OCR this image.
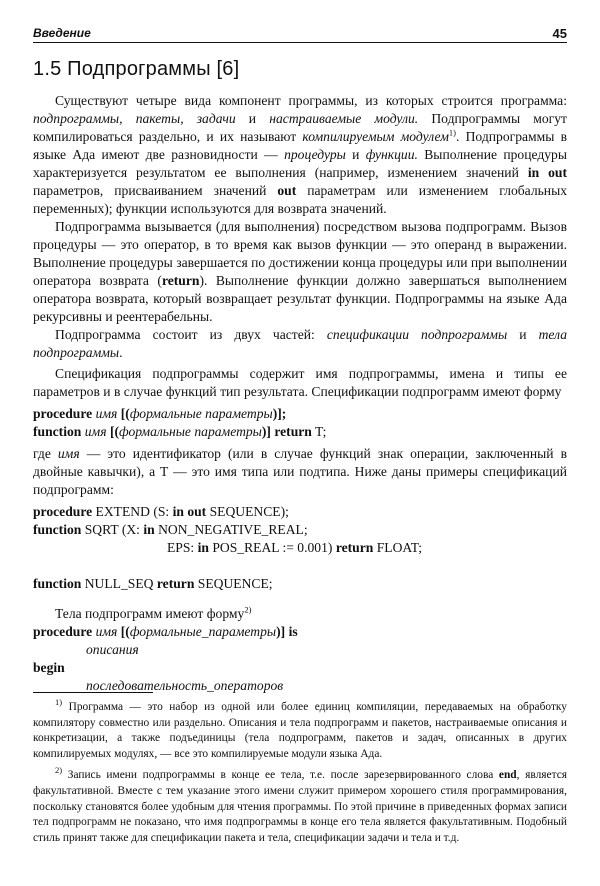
Введение	45
1.5 Подпрограммы [6]

Существуют четыре вида компонент программы, из которых строится программа: подпрограммы, пакеты, задачи и настраиваемые модули. Подпрограммы могут компилироваться раздельно, и их называют компилируемым модулем$^{1)}$. Подпрограммы в языке Ада имеют две разновидности — процедуры и функции. Выполнение процедуры характеризуется результатом ее выполнения (например, изменением значений in out параметров, присваиванием значений out параметрам или изменением глобальных переменных); функции используются для возврата значений.

Подпрограмма вызывается (для выполнения) посредством вызова подпрограмм. Вызов процедуры — это оператор, в то время как вызов функции — это операнд в выражении. Выполнение процедуры завершается по достижении конца процедуры или при выполнении оператора возврата (return). Выполнение функции должно завершаться выполнением оператора возврата, который возвращает результат функции. Подпрограммы на языке Ада рекурсивны и реентерабельны.

Подпрограмма состоит из двух частей: спецификации подпрограммы и тела подпрограммы.

Спецификация подпрограммы содержит имя подпрограммы, имена и типы ее параметров и в случае функций тип результата. Спецификации подпрограмм имеют форму

procedure имя [(формальные параметры)];

function имя [(формальные параметры)] return T;

где имя — это идентификатор (или в случае функций знак операции, заключенный в двойные кавычки), а Т — это имя типа или подтипа. Ниже даны примеры спецификаций подпрограмм:

procedure EXTEND (S: in out SEQUENCE);

function SQRT (X: in NON_NEGATIVE_REAL;

EPS: in POS_REAL := 0.001) return FLOAT;

function NULL_SEQ return SEQUENCE;

Тела подпрограмм имеют форму$^{2)}$

procedure имя [(формальные_параметры)] is

описания

begin

последовательность_операторов

$^{1)}$ Программа — это набор из одной или более единиц компиляции, передаваемых на обработку компилятору совместно или раздельно. Описания и тела подпрограмм и пакетов, настраиваемые описания и конкретизации, а также подъединицы (тела подпрограмм, пакетов и задач, описанных в других компилируемых модулях, — все это компилируемые модули языка Ада.

$^{2)}$ Запись имени подпрограммы в конце ее тела, т.е. после зарезервированного слова end, является факультативной. Вместе с тем указание этого имени служит примером хорошего стиля программирования, поскольку становятся более удобным для чтения программы. По этой причине в приведенных формах записи тел подпрограмм не показано, что имя подпрограммы в конце его тела является факультативным. Подобный стиль принят также для спецификации пакета и тела, спецификации задачи и тела и т.д.
